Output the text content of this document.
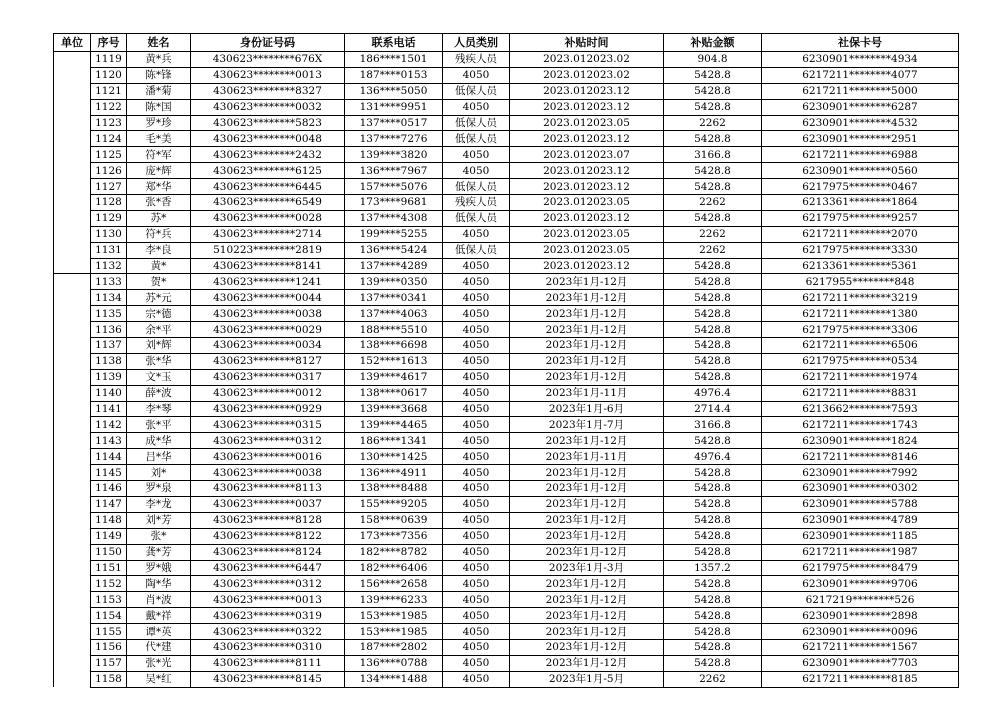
单位	序号	姓名	身份证号码	联系电话	人员类别	补贴时间	补贴金额	社保卡号
	1119	黄*兵	430623********676X	186****1501	残疾人员	2023.012023.02	904.8	6230901********4934
	1120	陈*锋	430623********0013	187****0153	4050	2023.012023.02	5428.8	6217211********4077
	1121	潘*菊	430623********8327	136****5050	低保人员	2023.012023.12	5428.8	6217211********5000
	1122	陈*国	430623********0032	131****9951	4050	2023.012023.12	5428.8	6230901********6287
	1123	罗*珍	430623********5823	137****0517	低保人员	2023.012023.05	2262	6230901********4532
	1124	毛*美	430623********0048	137****7276	低保人员	2023.012023.12	5428.8	6230901********2951
	1125	符*军	430623********2432	139****3820	4050	2023.012023.07	3166.8	6217211********6988
	1126	庞*辉	430623********6125	136****7967	4050	2023.012023.12	5428.8	6230901********0560
	1127	郑*华	430623********6445	157****5076	低保人员	2023.012023.12	5428.8	6217975********0467
	1128	张*香	430623********6549	173****9681	残疾人员	2023.012023.05	2262	6213361********1864
	1129	苏*	430623********0028	137****4308	低保人员	2023.012023.12	5428.8	6217975********9257
	1130	符*兵	430623********2714	199****5255	4050	2023.012023.05	2262	6217211********2070
	1131	李*良	510223********2819	136****5424	低保人员	2023.012023.05	2262	6217975********3330
	1132	黄*	430623********8141	137****4289	4050	2023.012023.12	5428.8	6213361********5361
	1133	贺*	430623********1241	139****0350	4050	2023年1月-12月	5428.8	6217955********848
	1134	苏*元	430623********0044	137****0341	4050	2023年1月-12月	5428.8	6217211********3219
	1135	宗*德	430623********0038	137****4063	4050	2023年1月-12月	5428.8	6217211********1380
	1136	余*平	430623********0029	188****5510	4050	2023年1月-12月	5428.8	6217975********3306
	1137	刘*辉	430623********0034	138****6698	4050	2023年1月-12月	5428.8	6217211********6506
	1138	张*华	430623********8127	152****1613	4050	2023年1月-12月	5428.8	6217975********0534
	1139	文*玉	430623********0317	139****4617	4050	2023年1月-12月	5428.8	6217211********1974
	1140	薛*波	430623********0012	138****0617	4050	2023年1月-11月	4976.4	6217211********8831
	1141	李*琴	430623********0929	139****3668	4050	2023年1月-6月	2714.4	6213662********7593
	1142	张*平	430623********0315	139****4465	4050	2023年1月-7月	3166.8	6217211********1743
	1143	成*华	430623********0312	186****1341	4050	2023年1月-12月	5428.8	6230901********1824
	1144	吕*华	430623********0016	130****1425	4050	2023年1月-11月	4976.4	6217211********8146
	1145	刘*	430623********0038	136****4911	4050	2023年1月-12月	5428.8	6230901********7992
	1146	罗*泉	430623********8113	138****8488	4050	2023年1月-12月	5428.8	6230901********0302
	1147	李*龙	430623********0037	155****9205	4050	2023年1月-12月	5428.8	6230901********5788
	1148	刘*芳	430623********8128	158****0639	4050	2023年1月-12月	5428.8	6230901********4789
	1149	张*	430623********8122	173****7356	4050	2023年1月-12月	5428.8	6230901********1185
	1150	龚*芳	430623********8124	182****8782	4050	2023年1月-12月	5428.8	6217211********1987
	1151	罗*娥	430623********6447	182****6406	4050	2023年1月-3月	1357.2	6217975********8479
	1152	陶*华	430623********0312	156****2658	4050	2023年1月-12月	5428.8	6230901********9706
	1153	肖*波	430623********0013	139****6233	4050	2023年1月-12月	5428.8	6217219********526
	1154	戴*祥	430623********0319	153****1985	4050	2023年1月-12月	5428.8	6230901********2898
	1155	谭*英	430623********0322	153****1985	4050	2023年1月-12月	5428.8	6230901********0096
	1156	代*建	430623********0310	187****2802	4050	2023年1月-12月	5428.8	6217211********1567
	1157	张*光	430623********8111	136****0788	4050	2023年1月-12月	5428.8	6230901********7703
	1158	吴*红	430623********8145	134****1488	4050	2023年1月-5月	2262	6217211********8185
